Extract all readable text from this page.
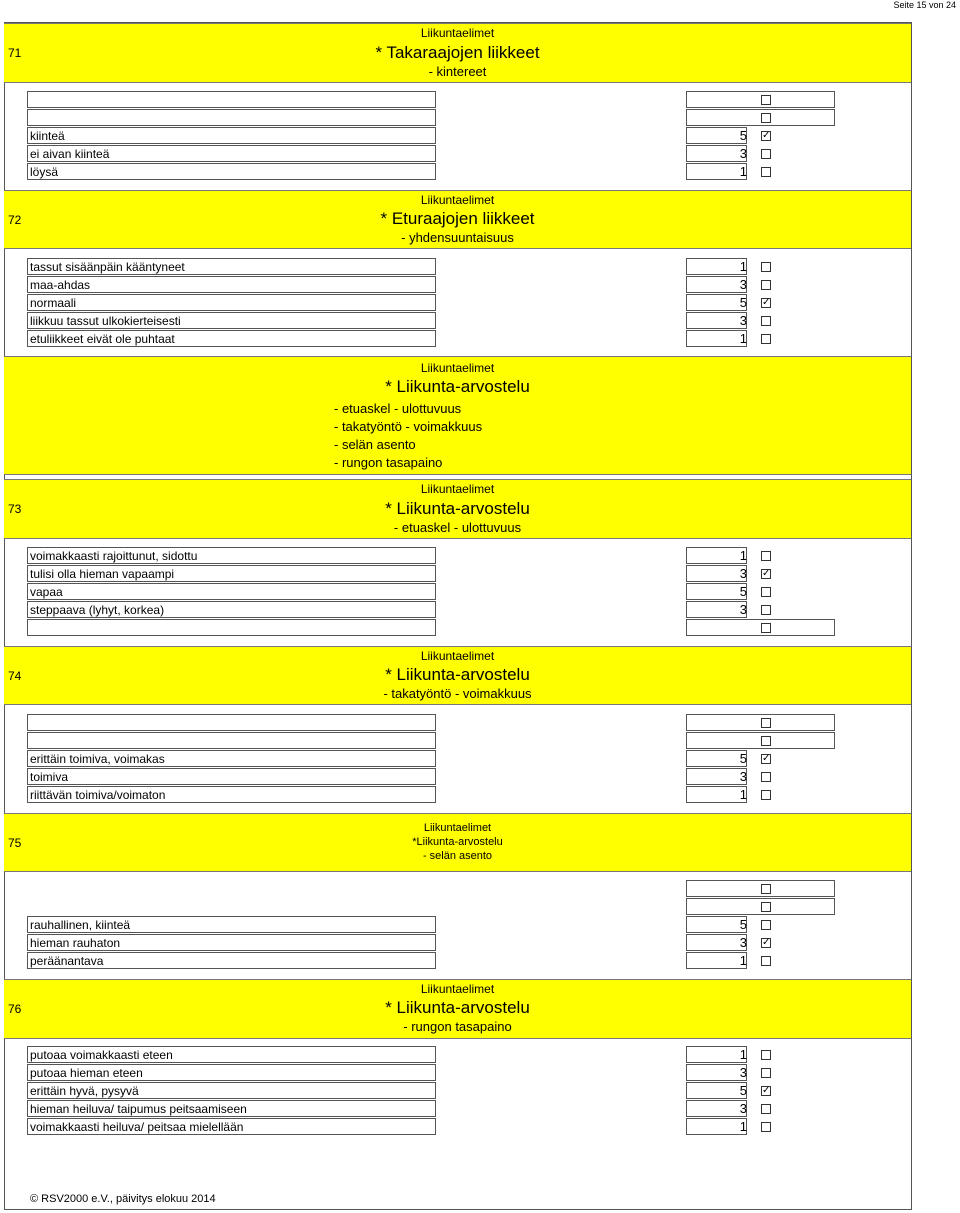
Seite 15 von 24
71
Liikuntaelimet
* Takaraajojen liikkeet
- kintereet
kiinteä	5 ✓
ei aivan kiinteä	3
löysä	1
72
Liikuntaelimet
* Eturaajojen liikkeet
- yhdensuuntaisuus
tassut sisäänpäin kääntyneet	1
maa-ahdas	3
normaali	5 ✓
liikkuu tassut ulkokierteisesti	3
etuliikkeet eivät ole puhtaat	1
Liikuntaelimet
* Liikunta-arvostelu
- etuaskel - ulottuvuus
- takatyöntö - voimakkuus
- selän asento
- rungon tasapaino
73
Liikuntaelimet
* Liikunta-arvostelu
- etuaskel - ulottuvuus
voimakkaasti rajoittunut, sidottu	1
tulisi olla hieman vapaampi	3 ✓
vapaa	5
steppaava (lyhyt, korkea)	3
74
Liikuntaelimet
* Liikunta-arvostelu
- takatyöntö - voimakkuus
erittäin toimiva, voimakas	5 ✓
toimiva	3
riittävän toimiva/voimaton	1
75
Liikuntaelimet
*Liikunta-arvostelu
- selän asento
rauhallinen, kiinteä	5
hieman rauhaton	3 ✓
peräänantava	1
76
Liikuntaelimet
* Liikunta-arvostelu
- rungon tasapaino
putoaa voimakkaasti eteen	1
putoaa hieman eteen	3
erittäin hyvä, pysyvä	5 ✓
hieman heiluva/ taipumus peitsaamiseen	3
voimakkaasti heiluva/ peitsaa mielellään	1
© RSV2000 e.V., päivitys elokuu 2014
